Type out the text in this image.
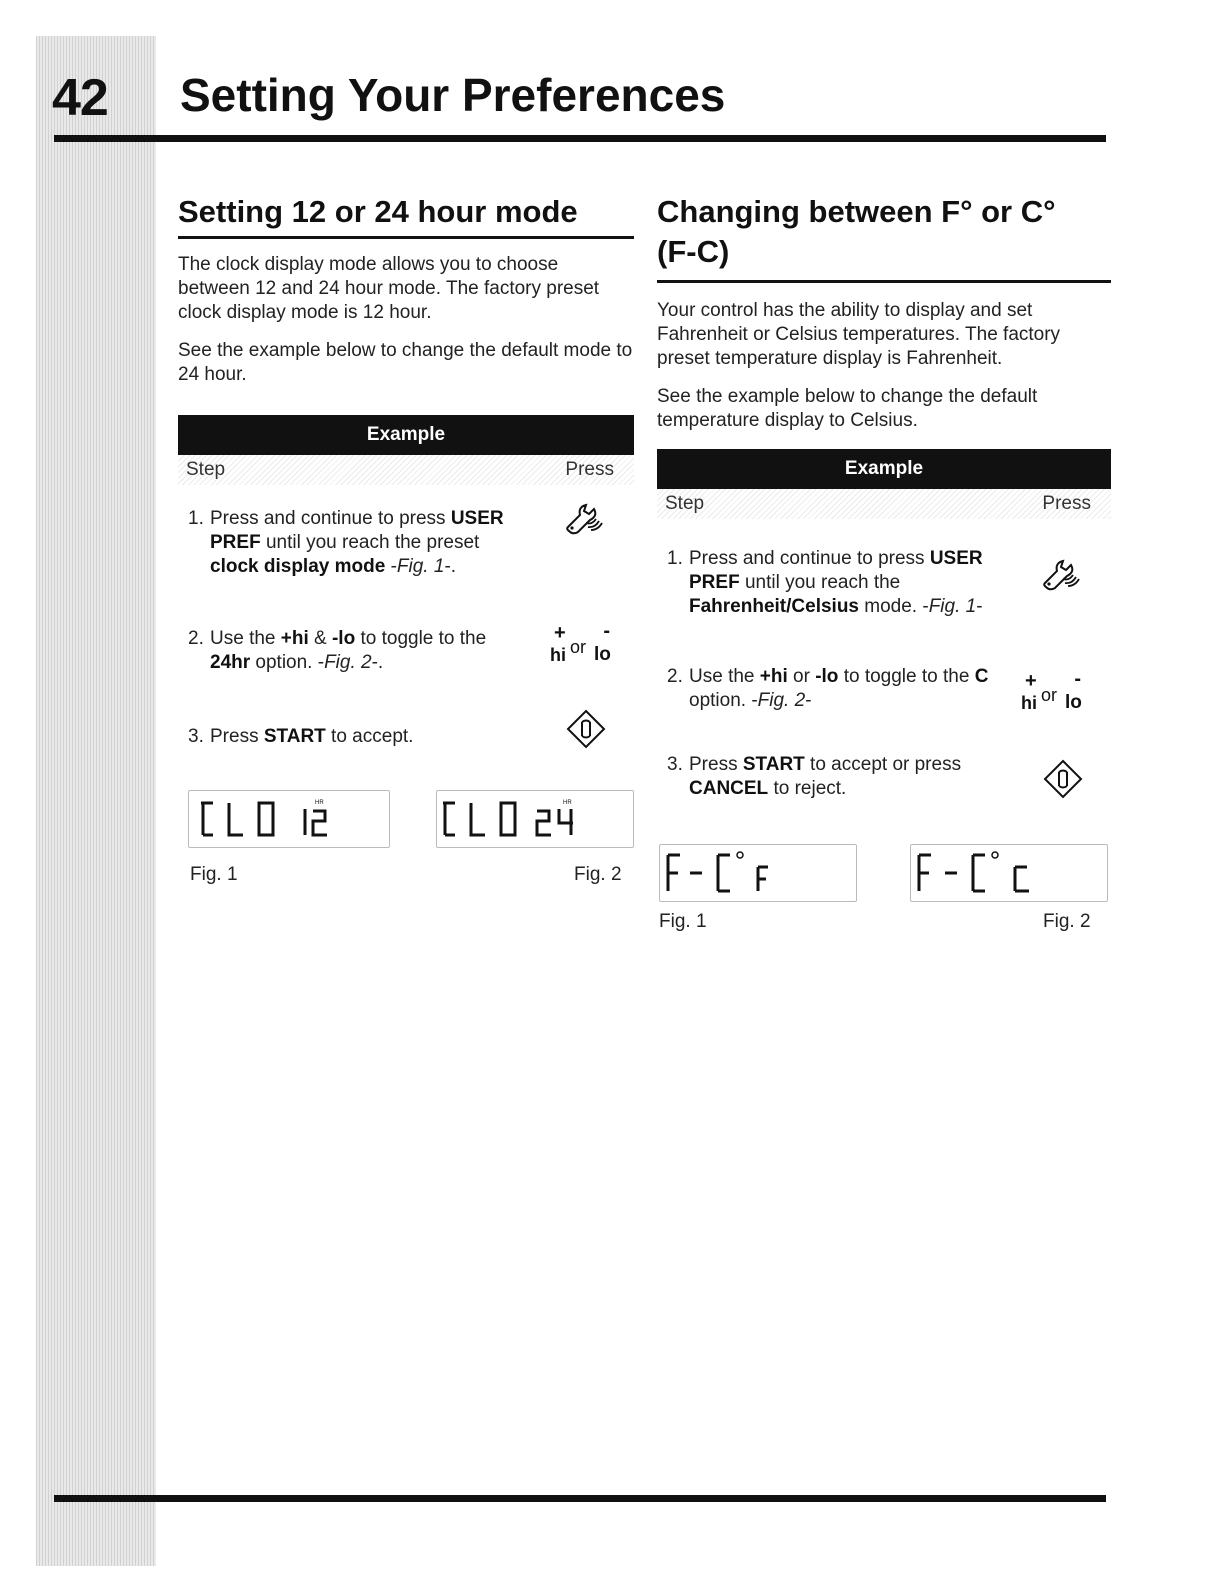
42 Setting Your Preferences
Setting 12 or 24 hour mode

The clock display mode allows you to choose between 12 and 24 hour mode. The factory preset clock display mode is 12 hour.

See the example below to change the default mode to 24 hour.

Example
Step	Press
1. Press and continue to press USER PREF until you reach the preset clock display mode -Fig. 1-.
2. Use the +hi & -lo to toggle to the 24hr option. -Fig. 2-.
+ -
hi or lo
3. Press START to accept.
HR	HR
Fig. 1	Fig. 2
Changing between F° or C° (F-C)

Your control has the ability to display and set Fahrenheit or Celsius temperatures. The factory preset temperature display is Fahrenheit.

See the example below to change the default temperature display to Celsius.

Example
Step	Press
1. Press and continue to press USER PREF until you reach the Fahrenheit/Celsius mode. -Fig. 1-
2. Use the +hi or -lo to toggle to the C option. -Fig. 2-
+ -
hi or lo
3. Press START to accept or press CANCEL to reject.
Fig. 1	Fig. 2
